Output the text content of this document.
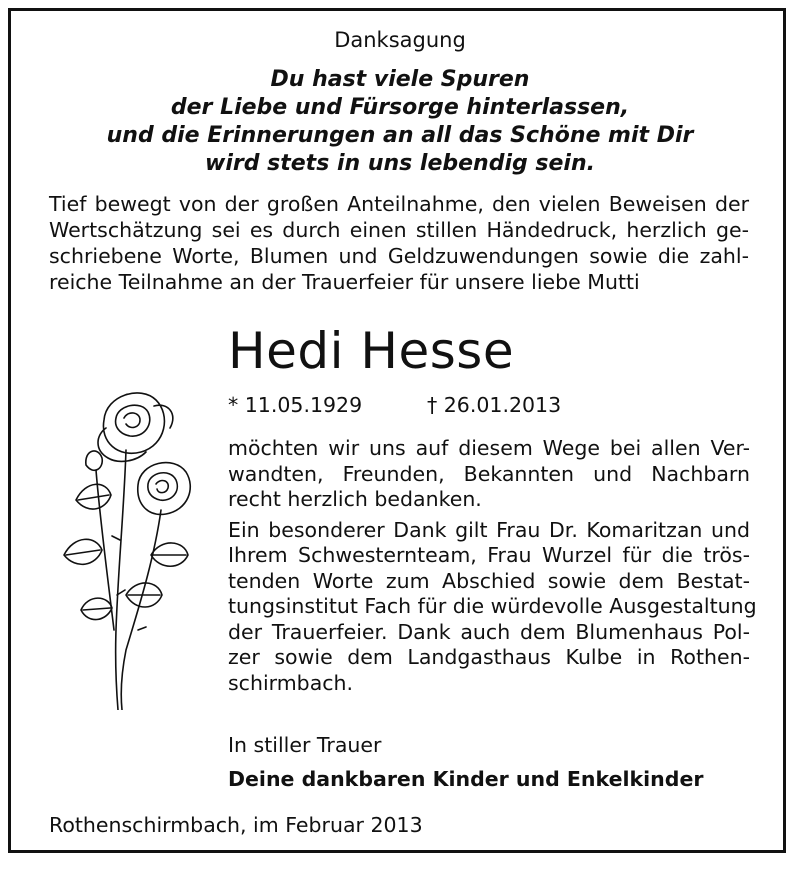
Danksagung
Du hast viele Spuren
der Liebe und Fürsorge hinterlassen,
und die Erinnerungen an all das Schöne mit Dir
wird stets in uns lebendig sein.
Tief bewegt von der großen Anteilnahme, den vielen Beweisen der
Wertschätzung sei es durch einen stillen Händedruck, herzlich ge-
schriebene Worte, Blumen und Geldzuwendungen sowie die zahl-
reiche Teilnahme an der Trauerfeier für unsere liebe Mutti
Hedi Hesse
* 11.05.1929	† 26.01.2013
möchten wir uns auf diesem Wege bei allen Ver-
wandten, Freunden, Bekannten und Nachbarn
recht herzlich bedanken.
Ein besonderer Dank gilt Frau Dr. Komaritzan und
Ihrem Schwesternteam, Frau Wurzel für die trös-
tenden Worte zum Abschied sowie dem Bestat-
tungsinstitut Fach für die würdevolle Ausgestaltung
der Trauerfeier. Dank auch dem Blumenhaus Pol-
zer sowie dem Landgasthaus Kulbe in Rothen-
schirmbach.
In stiller Trauer
Deine dankbaren Kinder und Enkelkinder
Rothenschirmbach, im Februar 2013
